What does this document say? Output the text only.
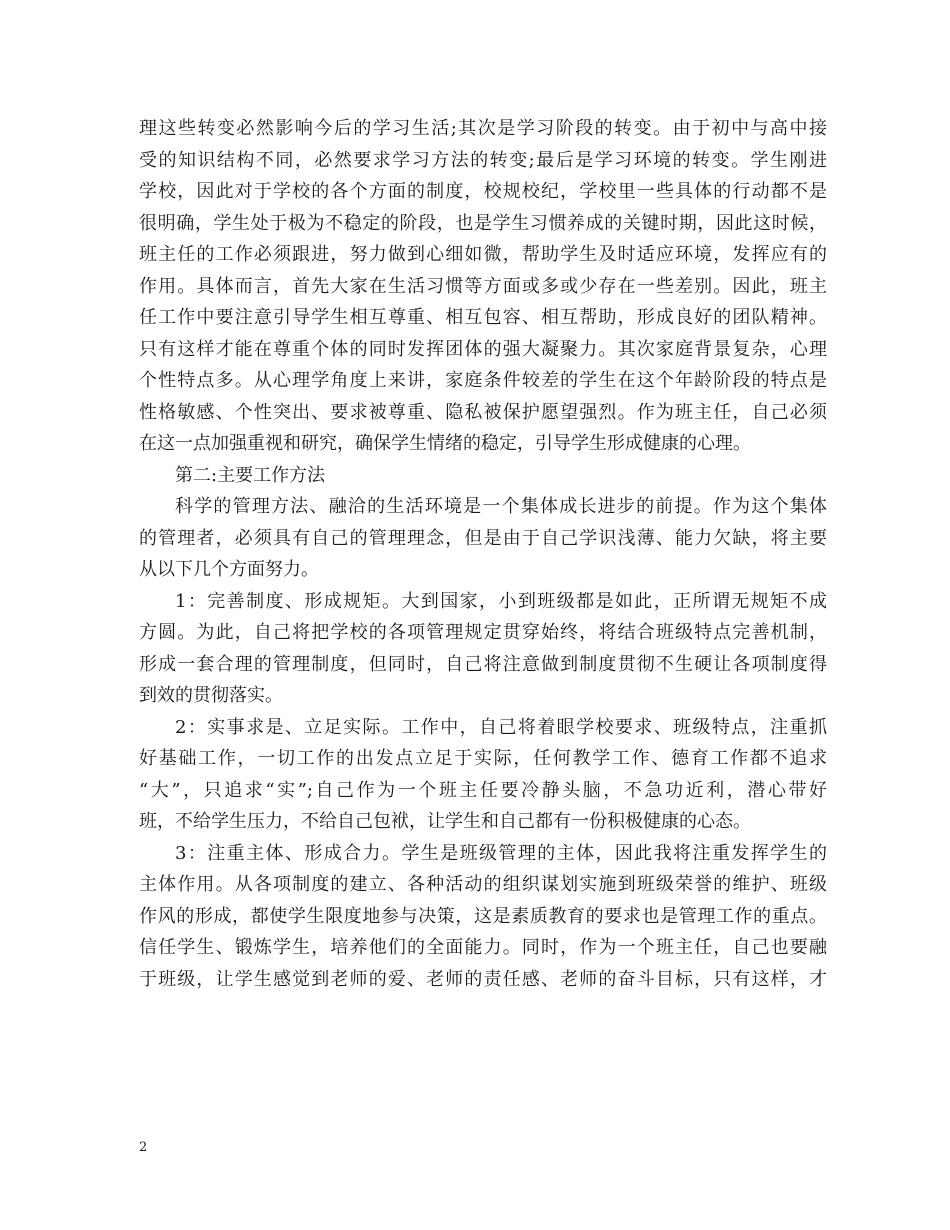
理这些转变必然影响今后的学习生活;其次是学习阶段的转变。由于初中与高中接
受的知识结构不同，必然要求学习方法的转变;最后是学习环境的转变。学生刚进
学校，因此对于学校的各个方面的制度，校规校纪，学校里一些具体的行动都不是
很明确，学生处于极为不稳定的阶段，也是学生习惯养成的关键时期，因此这时候，
班主任的工作必须跟进，努力做到心细如微，帮助学生及时适应环境，发挥应有的
作用。具体而言，首先大家在生活习惯等方面或多或少存在一些差别。因此，班主
任工作中要注意引导学生相互尊重、相互包容、相互帮助，形成良好的团队精神。
只有这样才能在尊重个体的同时发挥团体的强大凝聚力。其次家庭背景复杂，心理
个性特点多。从心理学角度上来讲，家庭条件较差的学生在这个年龄阶段的特点是
性格敏感、个性突出、要求被尊重、隐私被保护愿望强烈。作为班主任，自己必须
在这一点加强重视和研究，确保学生情绪的稳定，引导学生形成健康的心理。
第二:主要工作方法
科学的管理方法、融洽的生活环境是一个集体成长进步的前提。作为这个集体
的管理者，必须具有自己的管理理念，但是由于自己学识浅薄、能力欠缺，将主要
从以下几个方面努力。
1：完善制度、形成规矩。大到国家，小到班级都是如此，正所谓无规矩不成
方圆。为此，自己将把学校的各项管理规定贯穿始终，将结合班级特点完善机制，
形成一套合理的管理制度，但同时，自己将注意做到制度贯彻不生硬让各项制度得
到效的贯彻落实。
2：实事求是、立足实际。工作中，自己将着眼学校要求、班级特点，注重抓
好基础工作，一切工作的出发点立足于实际，任何教学工作、德育工作都不追求
“大”，只追求“实”;自己作为一个班主任要冷静头脑，不急功近利，潜心带好
班，不给学生压力，不给自己包袱，让学生和自己都有一份积极健康的心态。
3：注重主体、形成合力。学生是班级管理的主体，因此我将注重发挥学生的
主体作用。从各项制度的建立、各种活动的组织谋划实施到班级荣誉的维护、班级
作风的形成，都使学生限度地参与决策，这是素质教育的要求也是管理工作的重点。
信任学生、锻炼学生，培养他们的全面能力。同时，作为一个班主任，自己也要融
于班级，让学生感觉到老师的爱、老师的责任感、老师的奋斗目标，只有这样，才
2
